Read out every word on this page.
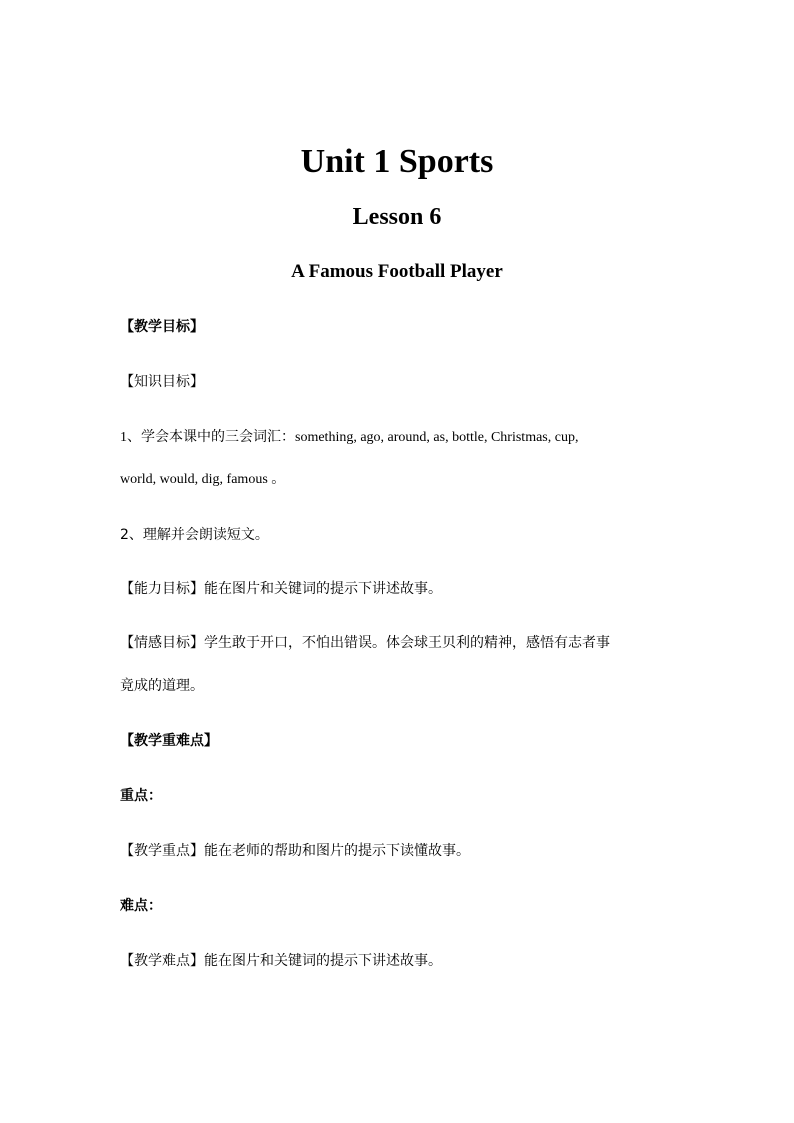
Unit 1 Sports
Lesson 6
A Famous Football Player

【教学目标】

【知识目标】

1、学会本课中的三会词汇：something, ago, around, as, bottle, Christmas, cup,

world, would, dig, famous 。

2、理解并会朗读短文。

【能力目标】能在图片和关键词的提示下讲述故事。

【情感目标】学生敢于开口，不怕出错误。体会球王贝利的精神，感悟有志者事

竟成的道理。

【教学重难点】

重点：

【教学重点】能在老师的帮助和图片的提示下读懂故事。

难点：

【教学难点】能在图片和关键词的提示下讲述故事。
